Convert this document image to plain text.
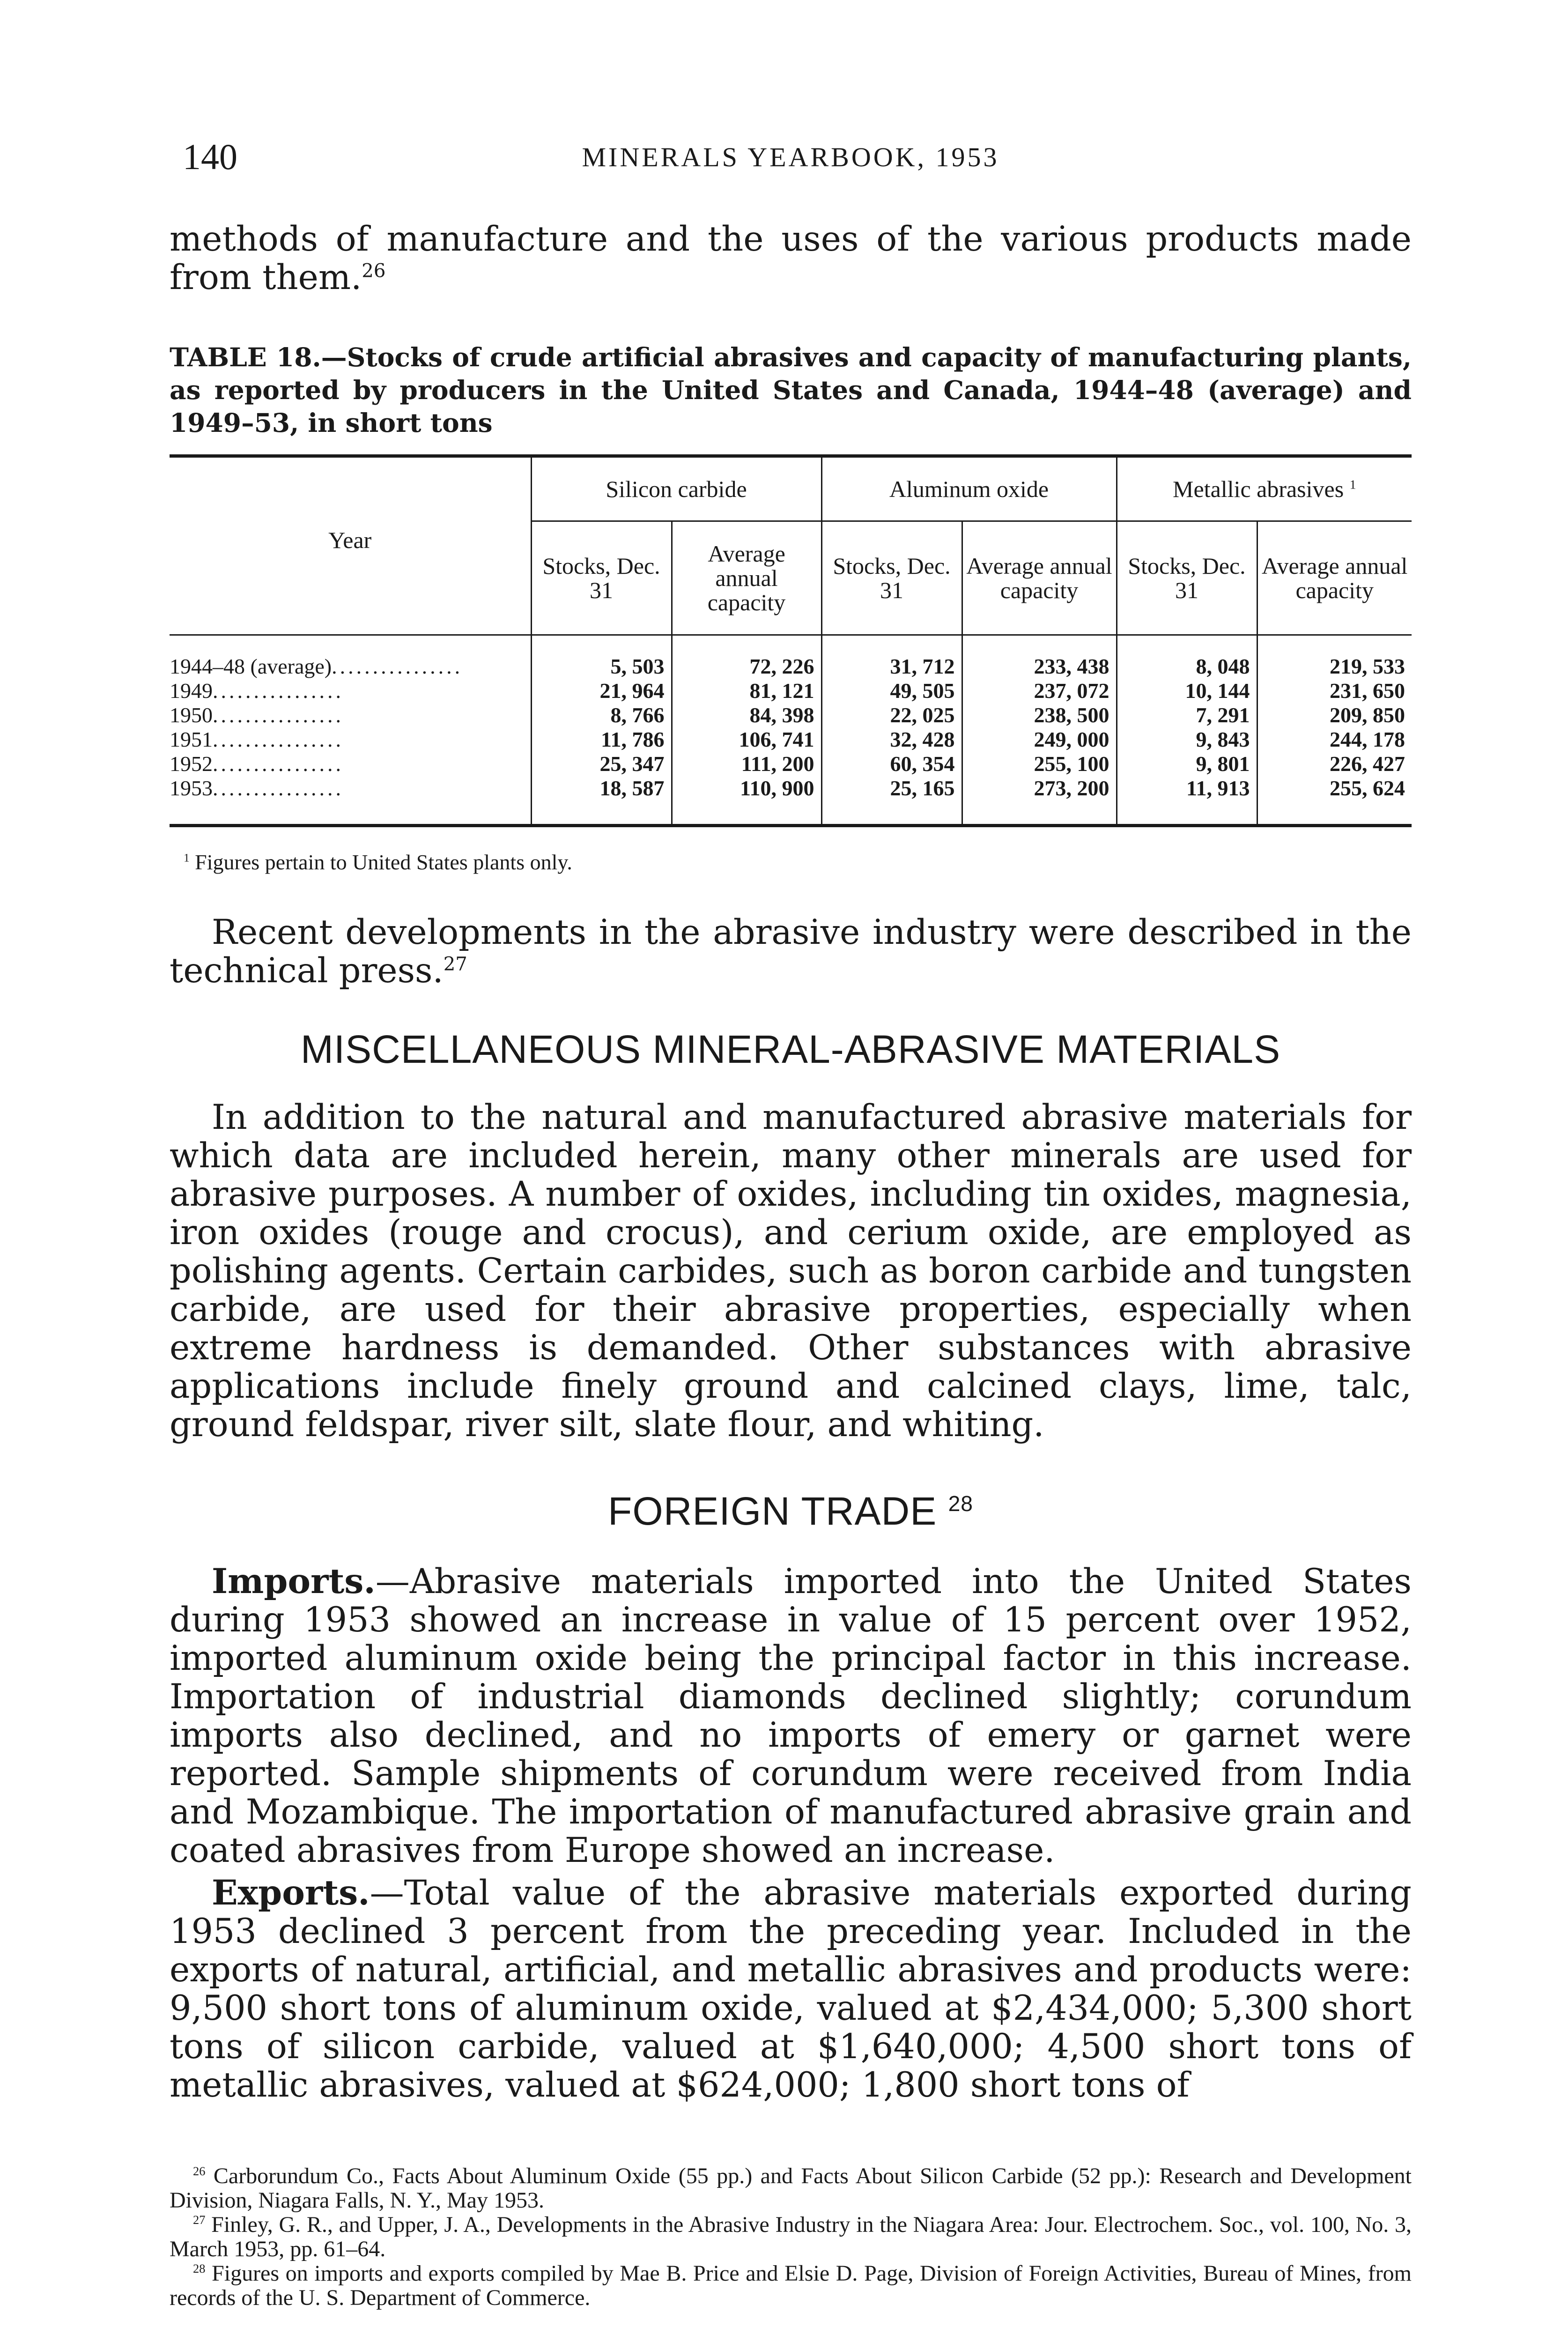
140	MINERALS YEARBOOK, 1953

methods of manufacture and the uses of the various products made from them.$^{26}$

TABLE 18.—Stocks of crude artificial abrasives and capacity of manufacturing plants, as reported by producers in the United States and Canada, 1944–48 (average) and 1949–53, in short tons
Year	Silicon carbide		Aluminum oxide		Metallic abrasives $^1$
	Stocks, Dec. 31	Average annual capacity	Stocks, Dec. 31	Average annual capacity	Stocks, Dec. 31	Average annual capacity
1944–48 (average)................	5, 503	72, 226	31, 712	233, 438	8, 048	219, 533
1949................	21, 964	81, 121	49, 505	237, 072	10, 144	231, 650
1950................	8, 766	84, 398	22, 025	238, 500	7, 291	209, 850
1951................	11, 786	106, 741	32, 428	249, 000	9, 843	244, 178
1952................	25, 347	111, 200	60, 354	255, 100	9, 801	226, 427
1953................	18, 587	110, 900	25, 165	273, 200	11, 913	255, 624
$^1$ Figures pertain to United States plants only.

Recent developments in the abrasive industry were described in the technical press.$^{27}$

MISCELLANEOUS MINERAL-ABRASIVE MATERIALS

In addition to the natural and manufactured abrasive materials for which data are included herein, many other minerals are used for abrasive purposes. A number of oxides, including tin oxides, magnesia, iron oxides (rouge and crocus), and cerium oxide, are employed as polishing agents. Certain carbides, such as boron carbide and tungsten carbide, are used for their abrasive properties, especially when extreme hardness is demanded. Other substances with abrasive applications include finely ground and calcined clays, lime, talc, ground feldspar, river silt, slate flour, and whiting.

FOREIGN TRADE $^{28}$

Imports.—Abrasive materials imported into the United States during 1953 showed an increase in value of 15 percent over 1952, imported aluminum oxide being the principal factor in this increase. Importation of industrial diamonds declined slightly; corundum imports also declined, and no imports of emery or garnet were reported. Sample shipments of corundum were received from India and Mozambique. The importation of manufactured abrasive grain and coated abrasives from Europe showed an increase.

Exports.—Total value of the abrasive materials exported during 1953 declined 3 percent from the preceding year. Included in the exports of natural, artificial, and metallic abrasives and products were: 9,500 short tons of aluminum oxide, valued at $2,434,000; 5,300 short tons of silicon carbide, valued at $1,640,000; 4,500 short tons of metallic abrasives, valued at $624,000; 1,800 short tons of

$^{26}$ Carborundum Co., Facts About Aluminum Oxide (55 pp.) and Facts About Silicon Carbide (52 pp.): Research and Development Division, Niagara Falls, N. Y., May 1953.

$^{27}$ Finley, G. R., and Upper, J. A., Developments in the Abrasive Industry in the Niagara Area: Jour. Electrochem. Soc., vol. 100, No. 3, March 1953, pp. 61–64.

$^{28}$ Figures on imports and exports compiled by Mae B. Price and Elsie D. Page, Division of Foreign Activities, Bureau of Mines, from records of the U. S. Department of Commerce.
